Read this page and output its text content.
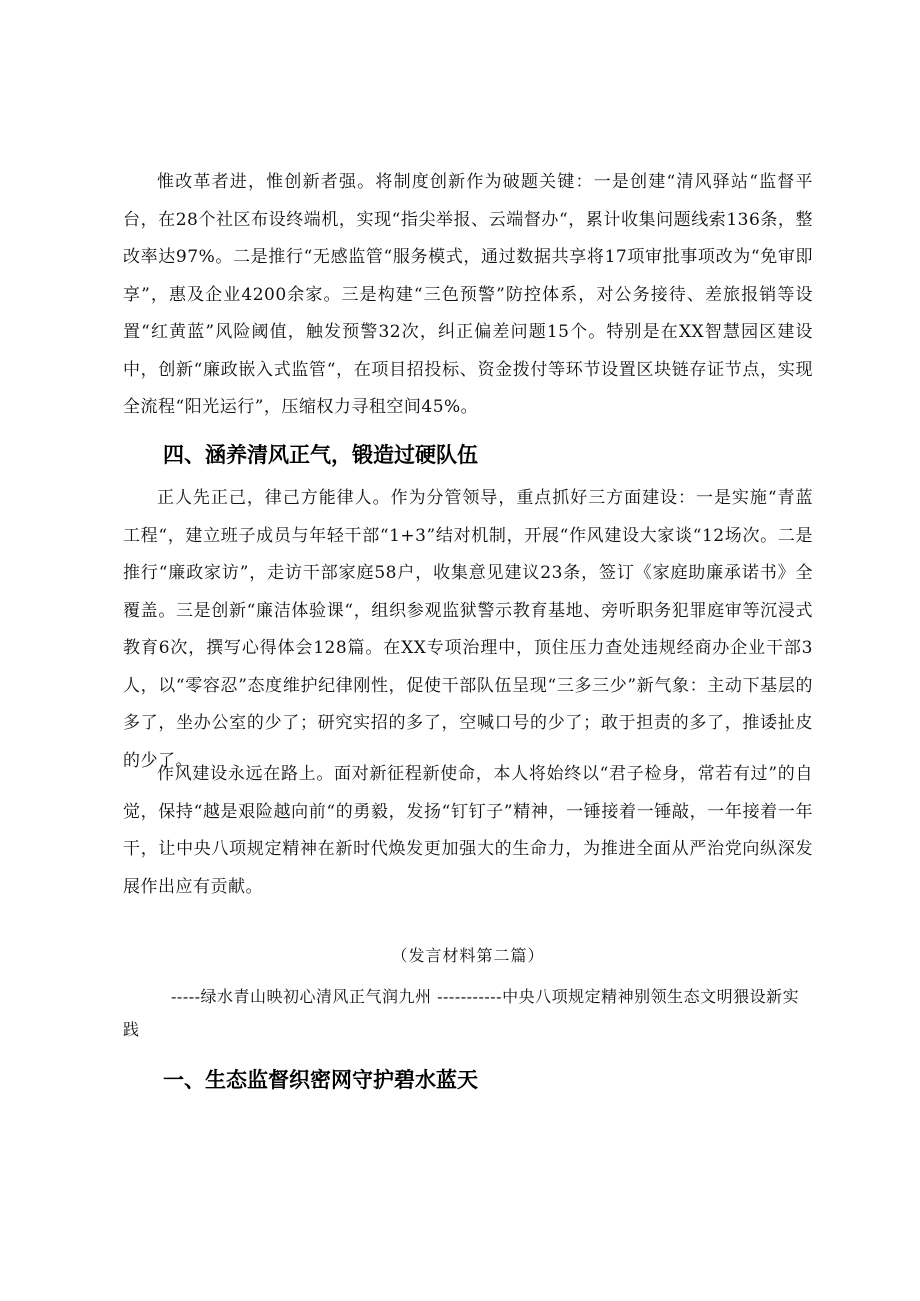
惟改革者进，惟创新者强。将制度创新作为破题关键：一是创建“清风驿站“监督平台，在28个社区布设终端机，实现“指尖举报、云端督办“，累计收集问题线索136条，整改率达97%。二是推行“无感监管“服务模式，通过数据共享将17项审批事项改为“免审即享”，惠及企业4200余家。三是构建“三色预警”防控体系，对公务接待、差旅报销等设置“红黄蓝”风险阈值，触发预警32次，纠正偏差问题15个。特别是在XX智慧园区建设中，创新“廉政嵌入式监管“，在项目招投标、资金拨付等环节设置区块链存证节点，实现全流程“阳光运行”，压缩权力寻租空间45%。

四、涵养清风正气，锻造过硬队伍

正人先正己，律己方能律人。作为分管领导，重点抓好三方面建设：一是实施“青蓝工程“，建立班子成员与年轻干部“1+3”结对机制，开展“作风建设大家谈“12场次。二是推行“廉政家访”，走访干部家庭58户，收集意见建议23条，签订《家庭助廉承诺书》全覆盖。三是创新“廉洁体验课“，组织参观监狱警示教育基地、旁听职务犯罪庭审等沉浸式教育6次，撰写心得体会128篇。在XX专项治理中，顶住压力查处违规经商办企业干部3人，以“零容忍”态度维护纪律刚性，促使干部队伍呈现“三多三少”新气象：主动下基层的多了，坐办公室的少了；研究实招的多了，空喊口号的少了；敢于担责的多了，推诿扯皮的少了。

作风建设永远在路上。面对新征程新使命，本人将始终以“君子检身，常若有过”的自觉，保持“越是艰险越向前“的勇毅，发扬“钉钉子”精神，一锤接着一锤敲，一年接着一年干，让中央八项规定精神在新时代焕发更加强大的生命力，为推进全面从严治党向纵深发展作出应有贡献。

（发言材料第二篇）

-----绿水青山映初心清风正气润九州 -----------中央八项规定精神别领生态文明猥设新实践

一、生态监督织密网守护碧水蓝天
